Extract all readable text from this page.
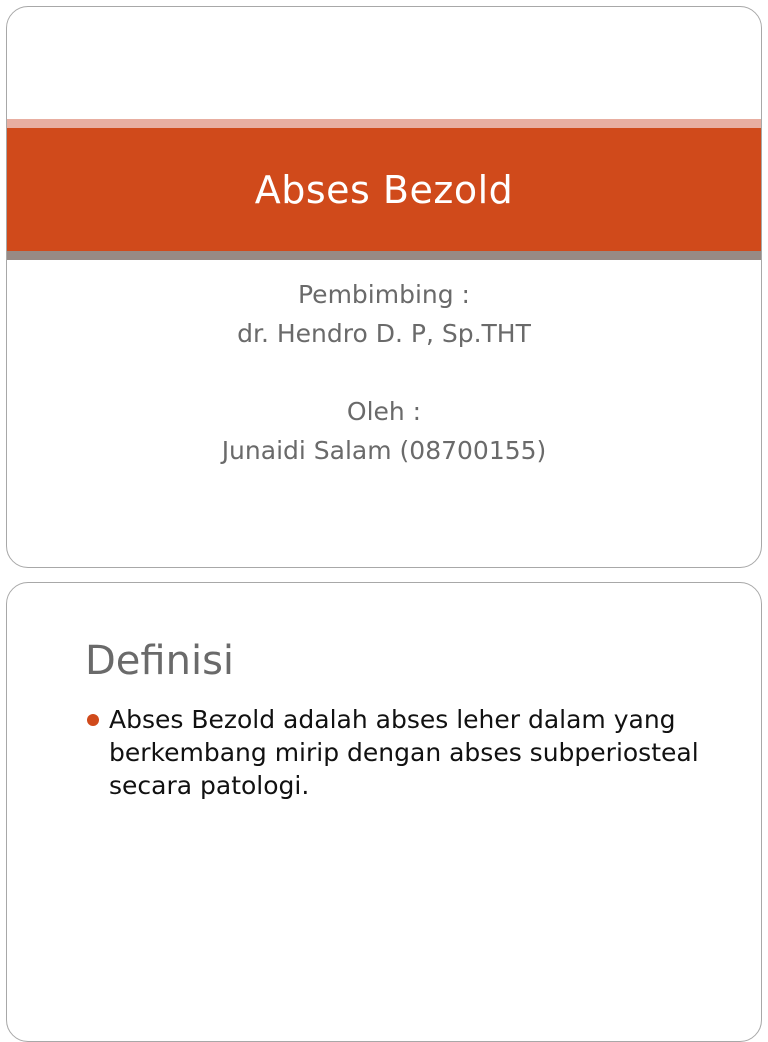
Abses Bezold
Pembimbing :
dr. Hendro D. P, Sp.THT
Oleh :
Junaidi Salam (08700155)
Definisi
Abses Bezold adalah abses leher dalam yang berkembang mirip dengan abses subperiosteal secara patologi.
